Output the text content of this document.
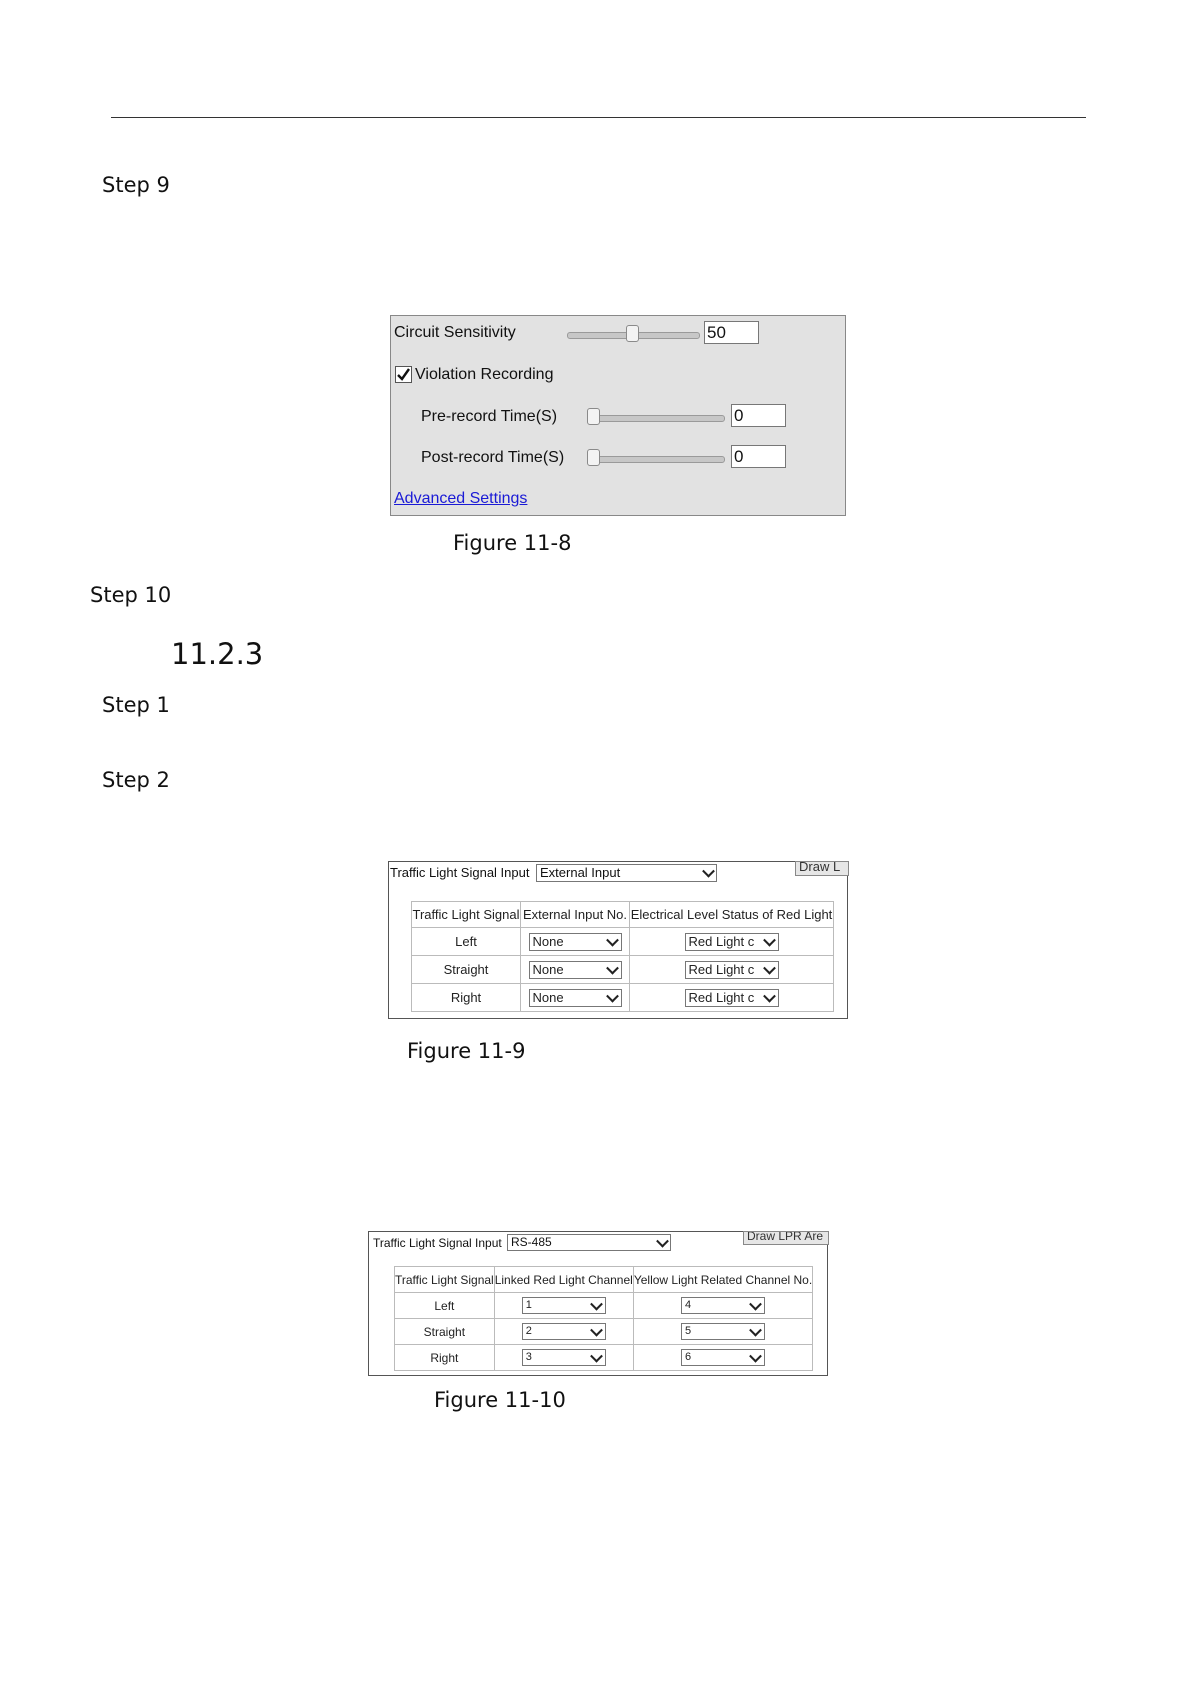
Step 9
Circuit Sensitivity	50
Violation Recording
Pre-record Time(S)	0
Post-record Time(S)	0
Advanced Settings
Figure 11-8
Step 10
11.2.3
Step 1
Step 2
Traffic Light Signal Input External Input	Draw L
Traffic Light Signal	External Input No.	Electrical Level Status of Red Light
Left	None	Red Light c

Straight	None	Red Light c

Right	None	Red Light c
Figure 11-9
Traffic Light Signal Input RS-485	Draw LPR Are
Traffic Light Signal	Linked Red Light Channel	Yellow Light Related Channel No.
Left	1	4

Straight	2	5

Right	3	6
Figure 11-10
